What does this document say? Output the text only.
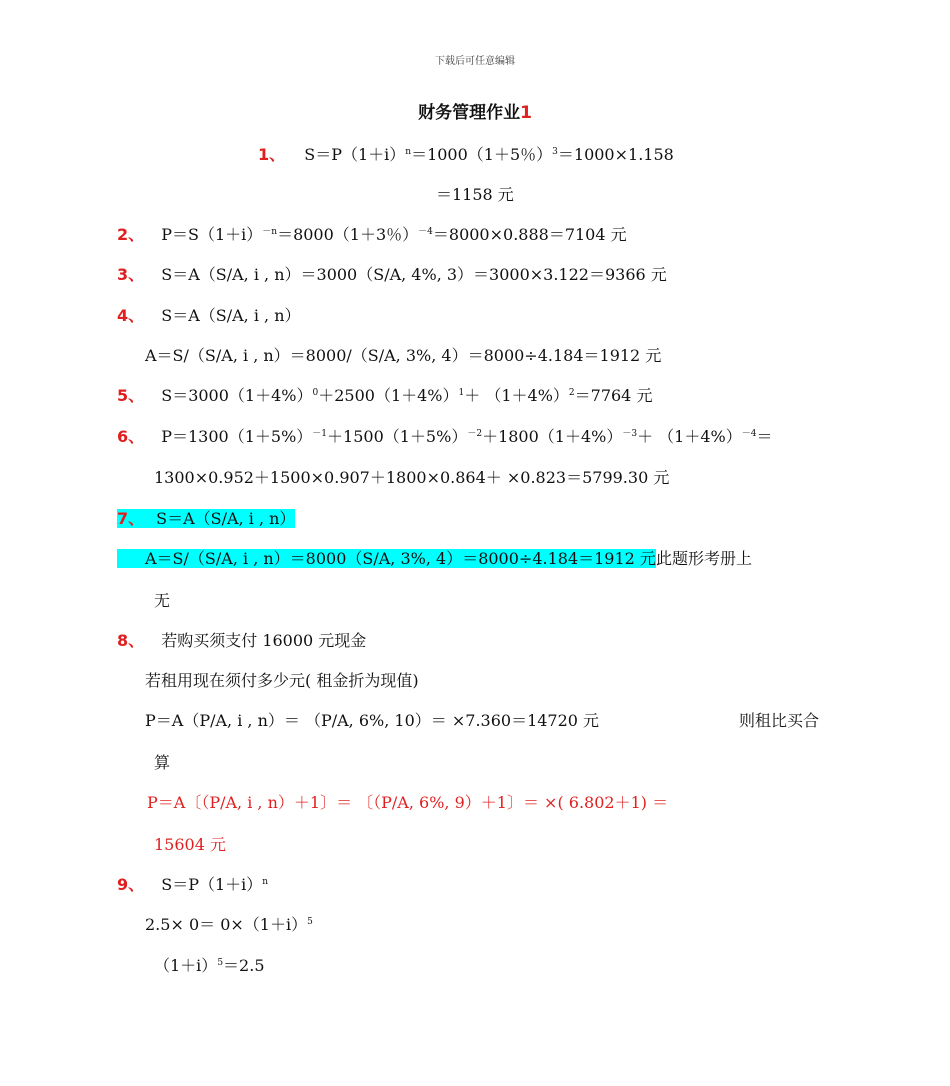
下载后可任意编辑
财务管理作业1
1、 $S=P(1+i)^n=1000(1+5$％）$^3$＝1000×1.158
＝1158 元
2、 $P=S(1+i)^{-n}=8000(1+3$％）$^{-4}$＝8000×0.888＝7104 元
3、 S＝A（S/A, i , n）＝3000（S/A, 4%, 3）＝3000×3.122＝9366 元
4、 S＝A（S/A, i , n）
A＝S/（S/A, i , n）＝8000/（S/A, 3%, 4）＝8000÷4.184＝1912 元
5、 $S=3000(1+4\%)^0+2500(1+4\%)^1+ (1+4\%)^2=7764$ 元
6、 $P=1300(1+5\%)^{-1}+1500(1+5\%)^{-2}+1800(1+4\%)^{-3}+ (1+4\%)^{-4}=$
1300×0.952＋1500×0.907＋1800×0.864＋ ×0.823＝5799.30 元
7、 S＝A（S/A, i , n）
A＝S/（S/A, i , n）＝8000（S/A, 3%, 4）＝8000÷4.184＝1912 元此题形考册上
无
8、 若购买须支付 16000 元现金
若租用现在须付多少元( 租金折为现值)
P＝A（P/A, i , n）＝ （P/A, 6%, 10）＝ ×7.360＝14720 元	则租比买合
算
P＝A〔（P/A, i , n）＋1〕＝ 〔（P/A, 6%, 9）＋1〕＝ ×( 6.802＋1) ＝
15604 元
9、 $S=P(1+i)^n$
$2.5\times 0= 0\times(1+i)^5$
$(1+i)^5=2.5$
